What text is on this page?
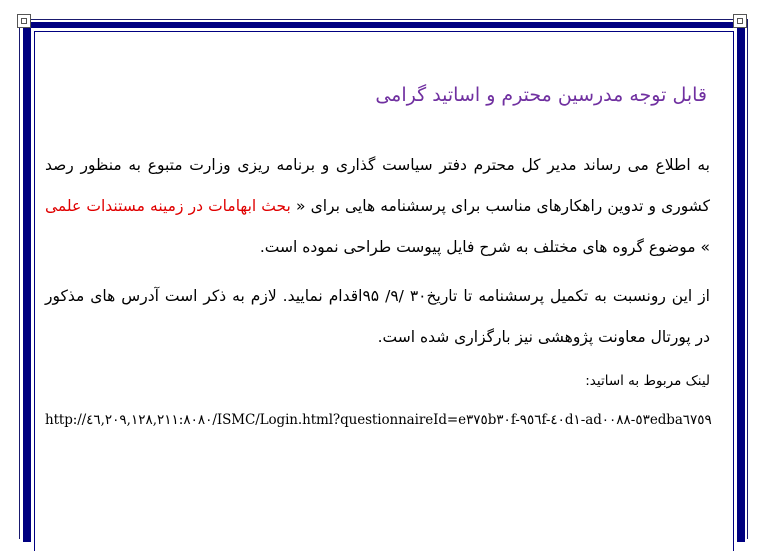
قابل توجه مدرسین محترم و اساتید گرامی

به اطلاع می رساند مدیر کل محترم دفتر سیاست گذاری و برنامه ریزی وزارت متبوع به منظور رصد کشوری و تدوین راهکارهای مناسب برای پرسشنامه هایی برای « بحث ابهامات در زمینه مستندات علمی » موضوع گروه های مختلف به شرح فایل پیوست طراحی نموده است.

از این رونسبت به تکمیل پرسشنامه تا تاریخ۳۰ /۹/ ۹۵اقدام نمایید. لازم به ذکر است آدرس های مذکور در پورتال معاونت پژوهشی نیز بارگزاری شده است.

لینک مربوط به اساتید:
http://٤٦,٢٠٩,١٢٨,٢١١:٨٠٨٠/ISMC/Login.html?questionnaireId=e٣٧٥b٣٠f-٩٥٦f-٤٠d١-ad٥٣-٠٠٨٨edba٦٧٥٩
